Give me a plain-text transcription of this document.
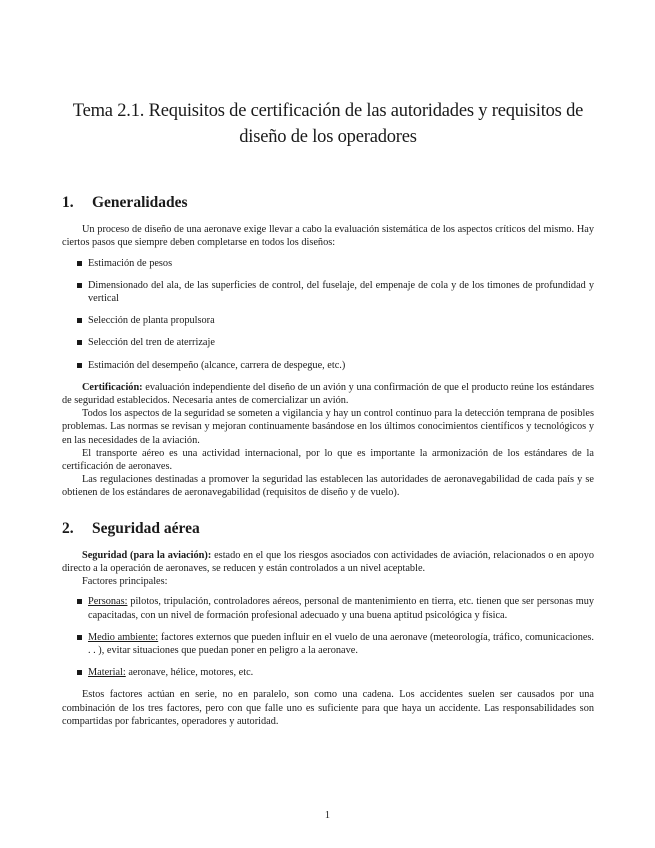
Tema 2.1. Requisitos de certificación de las autoridades y requisitos de diseño de los operadores
1. Generalidades

Un proceso de diseño de una aeronave exige llevar a cabo la evaluación sistemática de los aspectos críticos del mismo. Hay ciertos pasos que siempre deben completarse en todos los diseños:

Estimación de pesos
Dimensionado del ala, de las superficies de control, del fuselaje, del empenaje de cola y de los timones de profundidad y vertical
Selección de planta propulsora
Selección del tren de aterrizaje
Estimación del desempeño (alcance, carrera de despegue, etc.)

Certificación: evaluación independiente del diseño de un avión y una confirmación de que el producto reúne los estándares de seguridad establecidos. Necesaria antes de comercializar un avión.

Todos los aspectos de la seguridad se someten a vigilancia y hay un control continuo para la detección temprana de posibles problemas. Las normas se revisan y mejoran continuamente basándose en los últimos conocimientos científicos y tecnológicos y en las necesidades de la aviación.

El transporte aéreo es una actividad internacional, por lo que es importante la armonización de los estándares de la certificación de aeronaves.

Las regulaciones destinadas a promover la seguridad las establecen las autoridades de aeronavegabilidad de cada país y se obtienen de los estándares de aeronavegabilidad (requisitos de diseño y de vuelo).

2. Seguridad aérea

Seguridad (para la aviación): estado en el que los riesgos asociados con actividades de aviación, relacionados o en apoyo directo a la operación de aeronaves, se reducen y están controlados a un nivel aceptable.

Factores principales:

Personas: pilotos, tripulación, controladores aéreos, personal de mantenimiento en tierra, etc. tienen que ser personas muy capacitadas, con un nivel de formación profesional adecuado y una buena aptitud psicológica y física.
Medio ambiente: factores externos que pueden influir en el vuelo de una aeronave (meteorología, tráfico, comunicaciones. . . ), evitar situaciones que puedan poner en peligro a la aeronave.
Material: aeronave, hélice, motores, etc.

Estos factores actúan en serie, no en paralelo, son como una cadena. Los accidentes suelen ser causados por una combinación de los tres factores, pero con que falle uno es suficiente para que haya un accidente. Las responsabilidades son compartidas por fabricantes, operadores y autoridad.

1
